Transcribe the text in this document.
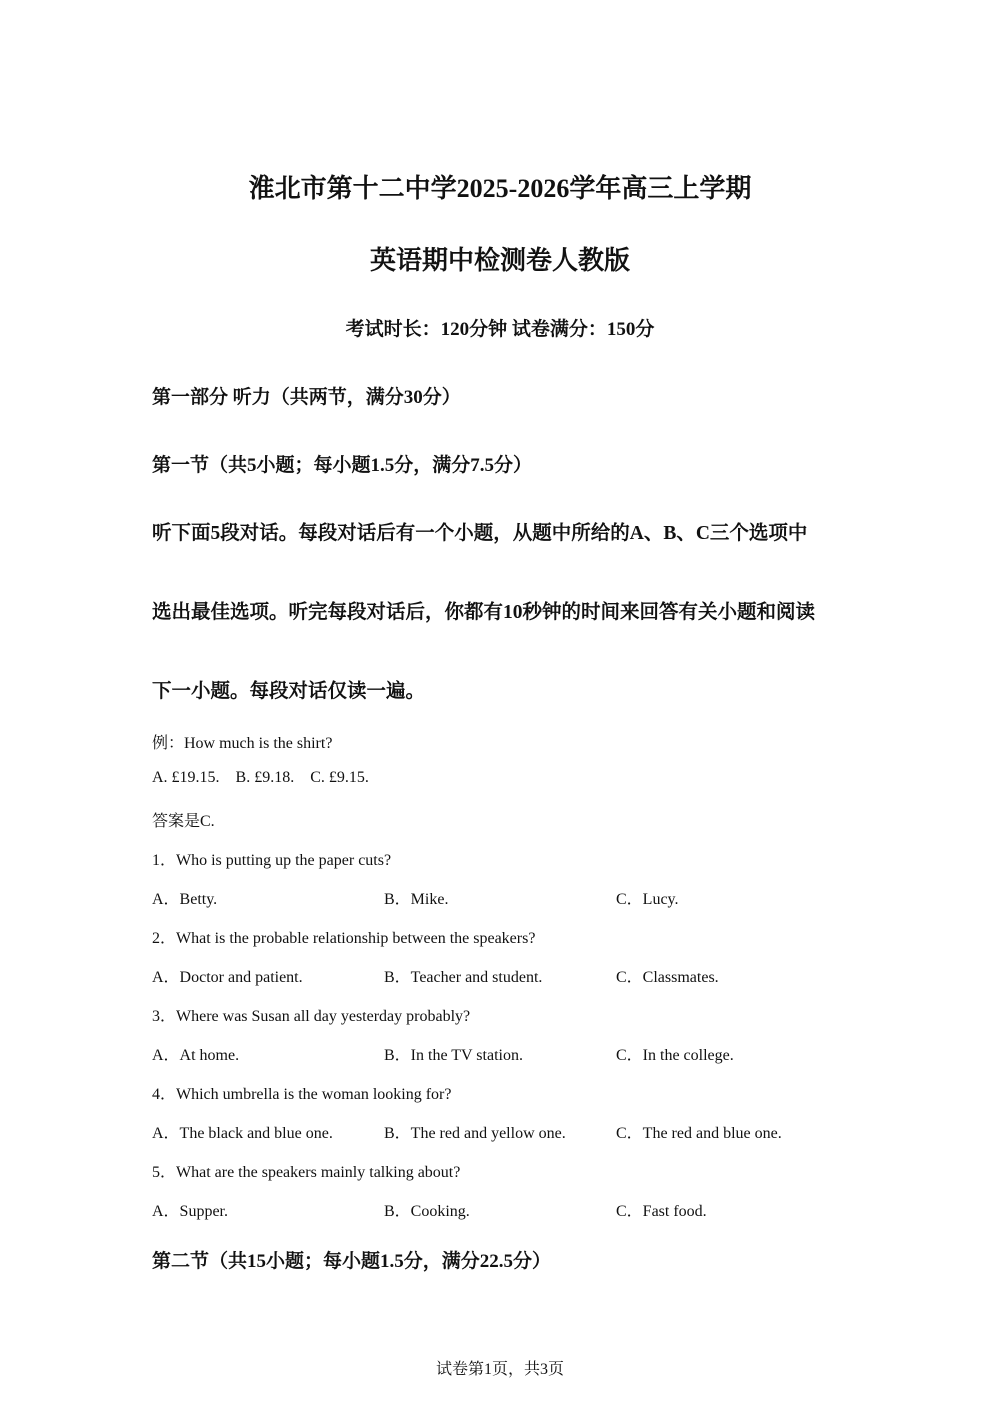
淮北市第十二中学2025-2026学年高三上学期
英语期中检测卷人教版
考试时长：120分钟 试卷满分：150分
第一部分 听力（共两节，满分30分）
第一节（共5小题；每小题1.5分，满分7.5分）
听下面5段对话。每段对话后有一个小题，从题中所给的A、B、C三个选项中
选出最佳选项。听完每段对话后，你都有10秒钟的时间来回答有关小题和阅读
下一小题。每段对话仅读一遍。
例：How much is the shirt?
A. £19.15.    B. £9.18.    C. £9.15.
答案是C.
1．Who is putting up the paper cuts?
A．Betty.	B．Mike.	C．Lucy.
2．What is the probable relationship between the speakers?
A．Doctor and patient.	B．Teacher and student.	C．Classmates.
3．Where was Susan all day yesterday probably?
A．At home.	B．In the TV station.	C．In the college.
4．Which umbrella is the woman looking for?
A．The black and blue one.	B．The red and yellow one.	C．The red and blue one.
5．What are the speakers mainly talking about?
A．Supper.	B．Cooking.	C．Fast food.
第二节（共15小题；每小题1.5分，满分22.5分）
试卷第1页，共3页
